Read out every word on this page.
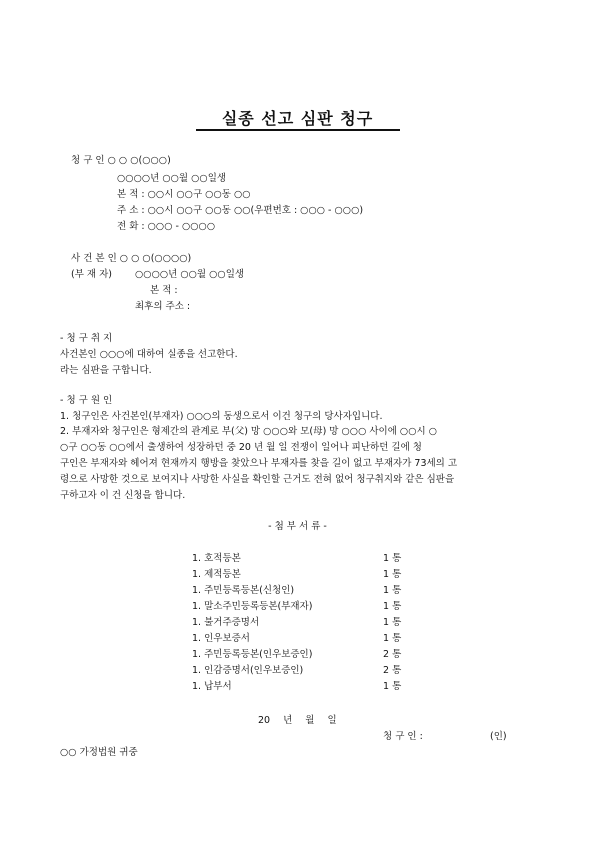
실종 선고 심판 청구
청 구 인 ○ ○ ○(○○○)
○○○○년 ○○월 ○○일생
본 적 : ○○시 ○○구 ○○동 ○○
주 소 : ○○시 ○○구 ○○동 ○○(우편번호 : ○○○ - ○○○)
전 화 : ○○○ - ○○○○
사 건 본 인 ○ ○ ○(○○○○)
(부 재 자) ○○○○년 ○○월 ○○일생
본 적 :
최후의 주소 :
- 청 구 취 지
사건본인 ○○○에 대하여 실종을 선고한다.
라는 심판을 구합니다.
- 청 구 원 인
1. 청구인은 사건본인(부재자) ○○○의 동생으로서 이건 청구의 당사자입니다.
2. 부재자와 청구인은 형제간의 관계로 부(父) 망 ○○○와 모(母) 망 ○○○ 사이에 ○○시 ○
○구 ○○동 ○○에서 출생하여 성장하던 중 20 년 월 일 전쟁이 일어나 피난하던 길에 청
구인은 부재자와 헤어져 현재까지 행방을 찾았으나 부재자를 찾을 길이 없고 부재자가 73세의 고
령으로 사망한 것으로 보여지나 사망한 사실을 확인할 근거도 전혀 없어 청구취지와 같은 심판을
구하고자 이 건 신청을 합니다.
- 첨 부 서 류 -
1. 호적등본	1 통
1. 제적등본	1 통
1. 주민등록등본(신청인)	1 통
1. 말소주민등록등본(부재자)	1 통
1. 불거주증명서	1 통
1. 인우보증서	1 통
1. 주민등록등본(인우보증인)	2 통
1. 인감증명서(인우보증인)	2 통
1. 납부서	1 통
20 년 월 일
청 구 인 :	(인)
○○ 가정법원 귀중
